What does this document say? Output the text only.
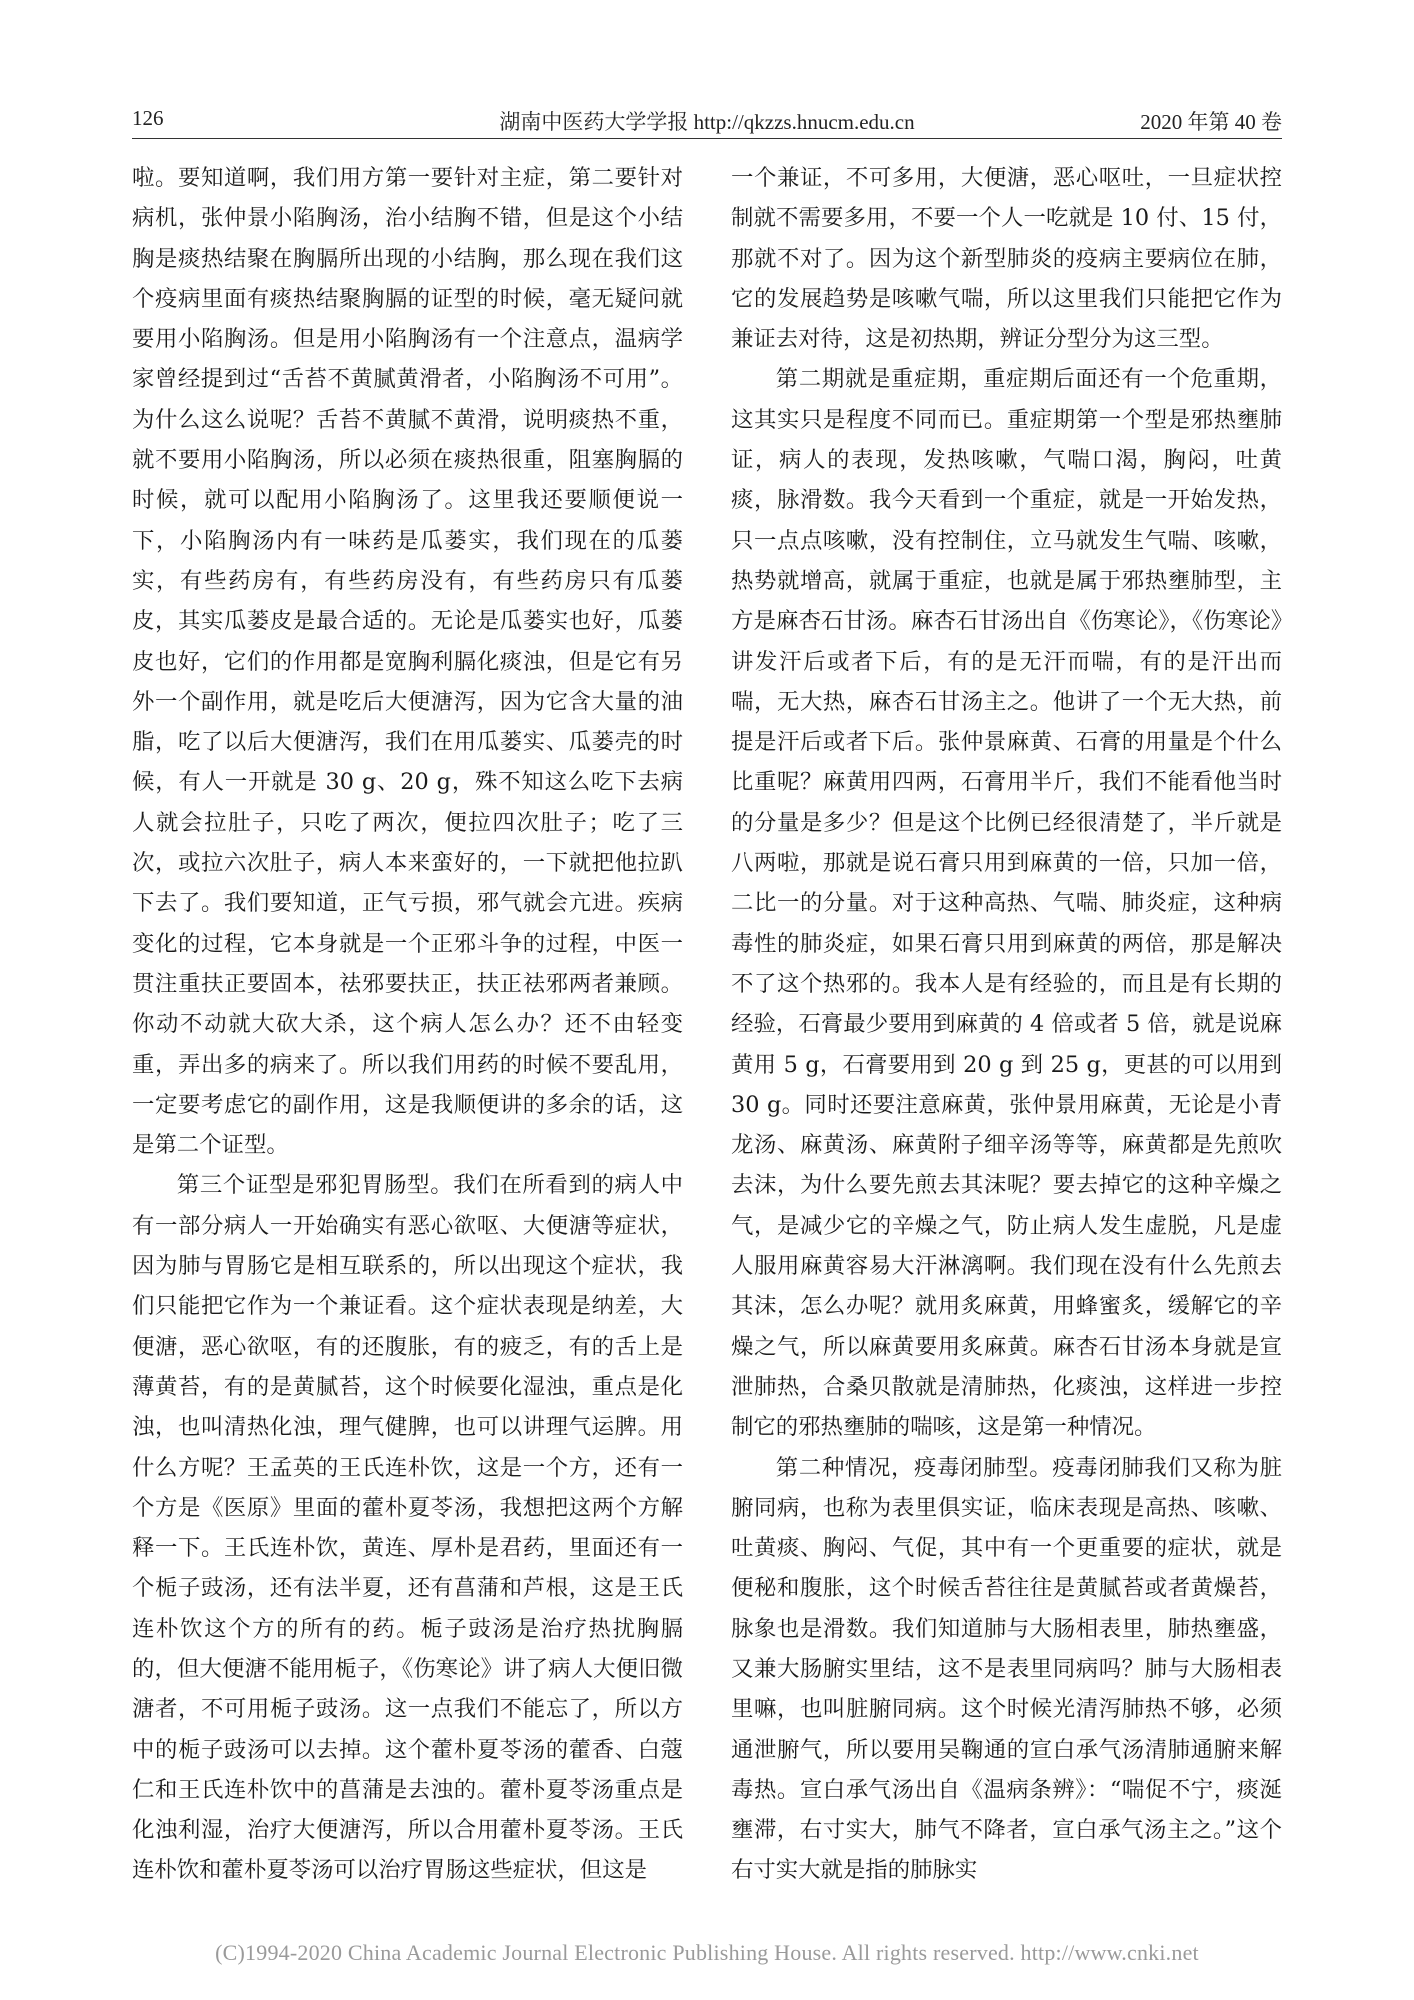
126	湖南中医药大学学报 http://qkzzs.hnucm.edu.cn	2020 年第 40 卷

啦。要知道啊，我们用方第一要针对主症，第二要针对病机，张仲景小陷胸汤，治小结胸不错，但是这个小结胸是痰热结聚在胸膈所出现的小结胸，那么现在我们这个疫病里面有痰热结聚胸膈的证型的时候，毫无疑问就要用小陷胸汤。但是用小陷胸汤有一个注意点，温病学家曾经提到过“舌苔不黄腻黄滑者，小陷胸汤不可用”。为什么这么说呢？舌苔不黄腻不黄滑，说明痰热不重，就不要用小陷胸汤，所以必须在痰热很重，阻塞胸膈的时候，就可以配用小陷胸汤了。这里我还要顺便说一下，小陷胸汤内有一味药是瓜蒌实，我们现在的瓜蒌实，有些药房有，有些药房没有，有些药房只有瓜蒌皮，其实瓜蒌皮是最合适的。无论是瓜蒌实也好，瓜蒌皮也好，它们的作用都是宽胸利膈化痰浊，但是它有另外一个副作用，就是吃后大便溏泻，因为它含大量的油脂，吃了以后大便溏泻，我们在用瓜蒌实、瓜蒌壳的时候，有人一开就是 30 g、20 g，殊不知这么吃下去病人就会拉肚子，只吃了两次，便拉四次肚子；吃了三次，或拉六次肚子，病人本来蛮好的，一下就把他拉趴下去了。我们要知道，正气亏损，邪气就会亢进。疾病变化的过程，它本身就是一个正邪斗争的过程，中医一贯注重扶正要固本，祛邪要扶正，扶正祛邪两者兼顾。你动不动就大砍大杀，这个病人怎么办？还不由轻变重，弄出多的病来了。所以我们用药的时候不要乱用，一定要考虑它的副作用，这是我顺便讲的多余的话，这是第二个证型。

第三个证型是邪犯胃肠型。我们在所看到的病人中有一部分病人一开始确实有恶心欲呕、大便溏等症状，因为肺与胃肠它是相互联系的，所以出现这个症状，我们只能把它作为一个兼证看。这个症状表现是纳差，大便溏，恶心欲呕，有的还腹胀，有的疲乏，有的舌上是薄黄苔，有的是黄腻苔，这个时候要化湿浊，重点是化浊，也叫清热化浊，理气健脾，也可以讲理气运脾。用什么方呢？王孟英的王氏连朴饮，这是一个方，还有一个方是《医原》里面的藿朴夏苓汤，我想把这两个方解释一下。王氏连朴饮，黄连、厚朴是君药，里面还有一个栀子豉汤，还有法半夏，还有菖蒲和芦根，这是王氏连朴饮这个方的所有的药。栀子豉汤是治疗热扰胸膈的，但大便溏不能用栀子，《伤寒论》讲了病人大便旧微溏者，不可用栀子豉汤。这一点我们不能忘了，所以方中的栀子豉汤可以去掉。这个藿朴夏苓汤的藿香、白蔻仁和王氏连朴饮中的菖蒲是去浊的。藿朴夏苓汤重点是化浊利湿，治疗大便溏泻，所以合用藿朴夏苓汤。王氏连朴饮和藿朴夏苓汤可以治疗胃肠这些症状，但这是

一个兼证，不可多用，大便溏，恶心呕吐，一旦症状控制就不需要多用，不要一个人一吃就是 10 付、15 付，那就不对了。因为这个新型肺炎的疫病主要病位在肺，它的发展趋势是咳嗽气喘，所以这里我们只能把它作为兼证去对待，这是初热期，辨证分型分为这三型。

第二期就是重症期，重症期后面还有一个危重期，这其实只是程度不同而已。重症期第一个型是邪热壅肺证，病人的表现，发热咳嗽，气喘口渴，胸闷，吐黄痰，脉滑数。我今天看到一个重症，就是一开始发热，只一点点咳嗽，没有控制住，立马就发生气喘、咳嗽，热势就增高，就属于重症，也就是属于邪热壅肺型，主方是麻杏石甘汤。麻杏石甘汤出自《伤寒论》，《伤寒论》讲发汗后或者下后，有的是无汗而喘，有的是汗出而喘，无大热，麻杏石甘汤主之。他讲了一个无大热，前提是汗后或者下后。张仲景麻黄、石膏的用量是个什么比重呢？麻黄用四两，石膏用半斤，我们不能看他当时的分量是多少？但是这个比例已经很清楚了，半斤就是八两啦，那就是说石膏只用到麻黄的一倍，只加一倍，二比一的分量。对于这种高热、气喘、肺炎症，这种病毒性的肺炎症，如果石膏只用到麻黄的两倍，那是解决不了这个热邪的。我本人是有经验的，而且是有长期的经验，石膏最少要用到麻黄的 4 倍或者 5 倍，就是说麻黄用 5 g，石膏要用到 20 g 到 25 g，更甚的可以用到 30 g。同时还要注意麻黄，张仲景用麻黄，无论是小青龙汤、麻黄汤、麻黄附子细辛汤等等，麻黄都是先煎吹去沫，为什么要先煎去其沫呢？要去掉它的这种辛燥之气，是减少它的辛燥之气，防止病人发生虚脱，凡是虚人服用麻黄容易大汗淋漓啊。我们现在没有什么先煎去其沫，怎么办呢？就用炙麻黄，用蜂蜜炙，缓解它的辛燥之气，所以麻黄要用炙麻黄。麻杏石甘汤本身就是宣泄肺热，合桑贝散就是清肺热，化痰浊，这样进一步控制它的邪热壅肺的喘咳，这是第一种情况。

第二种情况，疫毒闭肺型。疫毒闭肺我们又称为脏腑同病，也称为表里俱实证，临床表现是高热、咳嗽、吐黄痰、胸闷、气促，其中有一个更重要的症状，就是便秘和腹胀，这个时候舌苔往往是黄腻苔或者黄燥苔，脉象也是滑数。我们知道肺与大肠相表里，肺热壅盛，又兼大肠腑实里结，这不是表里同病吗？肺与大肠相表里嘛，也叫脏腑同病。这个时候光清泻肺热不够，必须通泄腑气，所以要用吴鞠通的宣白承气汤清肺通腑来解毒热。宣白承气汤出自《温病条辨》：“喘促不宁，痰涎壅滞，右寸实大，肺气不降者，宣白承气汤主之。”这个右寸实大就是指的肺脉实

(C)1994-2020 China Academic Journal Electronic Publishing House. All rights reserved. http://www.cnki.net
